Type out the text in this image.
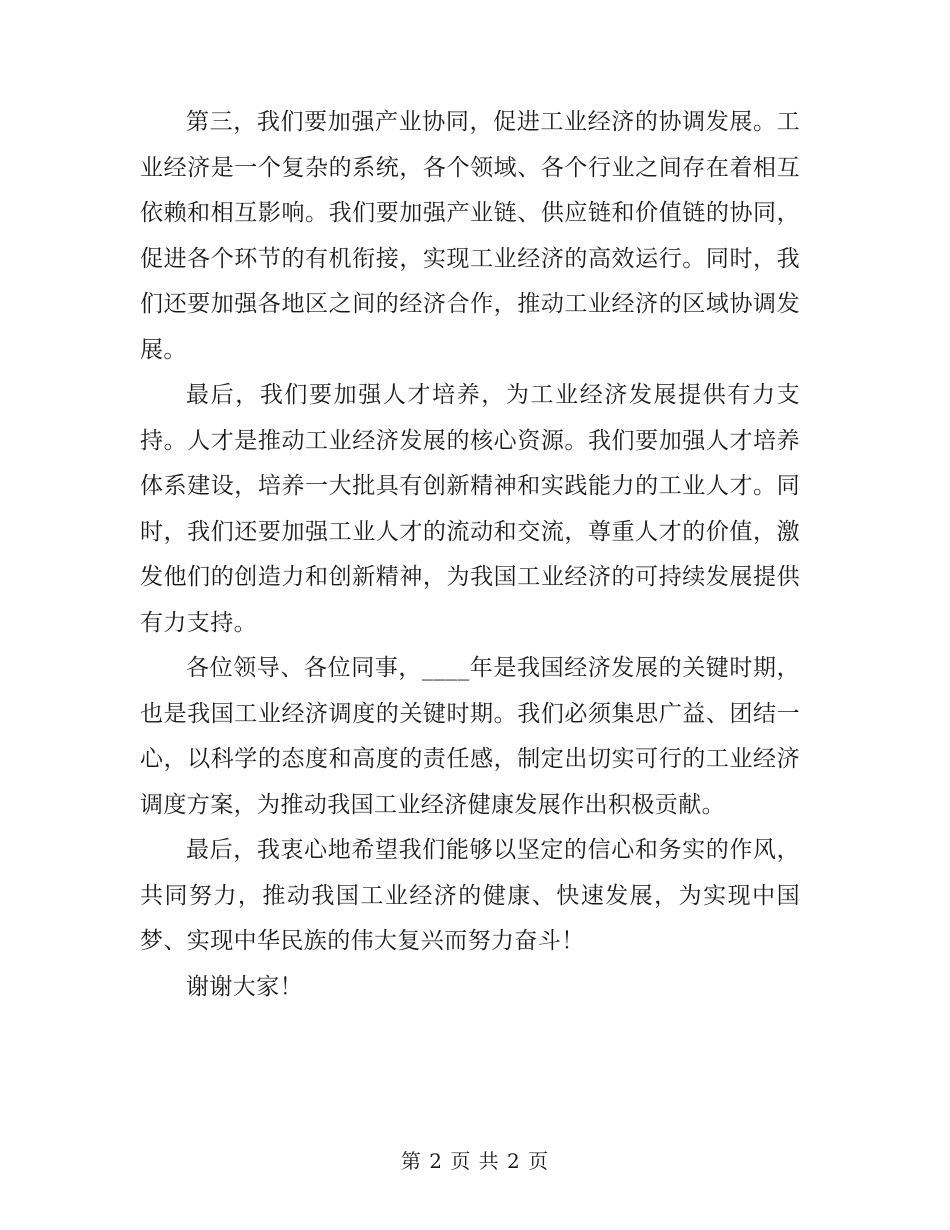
第三，我们要加强产业协同，促进工业经济的协调发展。工业经济是一个复杂的系统，各个领域、各个行业之间存在着相互依赖和相互影响。我们要加强产业链、供应链和价值链的协同，促进各个环节的有机衔接，实现工业经济的高效运行。同时，我们还要加强各地区之间的经济合作，推动工业经济的区域协调发展。

最后，我们要加强人才培养，为工业经济发展提供有力支持。人才是推动工业经济发展的核心资源。我们要加强人才培养体系建设，培养一大批具有创新精神和实践能力的工业人才。同时，我们还要加强工业人才的流动和交流，尊重人才的价值，激发他们的创造力和创新精神，为我国工业经济的可持续发展提供有力支持。

各位领导、各位同事，____年是我国经济发展的关键时期，也是我国工业经济调度的关键时期。我们必须集思广益、团结一心，以科学的态度和高度的责任感，制定出切实可行的工业经济调度方案，为推动我国工业经济健康发展作出积极贡献。

最后，我衷心地希望我们能够以坚定的信心和务实的作风，共同努力，推动我国工业经济的健康、快速发展，为实现中国梦、实现中华民族的伟大复兴而努力奋斗！

谢谢大家！

第 2 页 共 2 页
